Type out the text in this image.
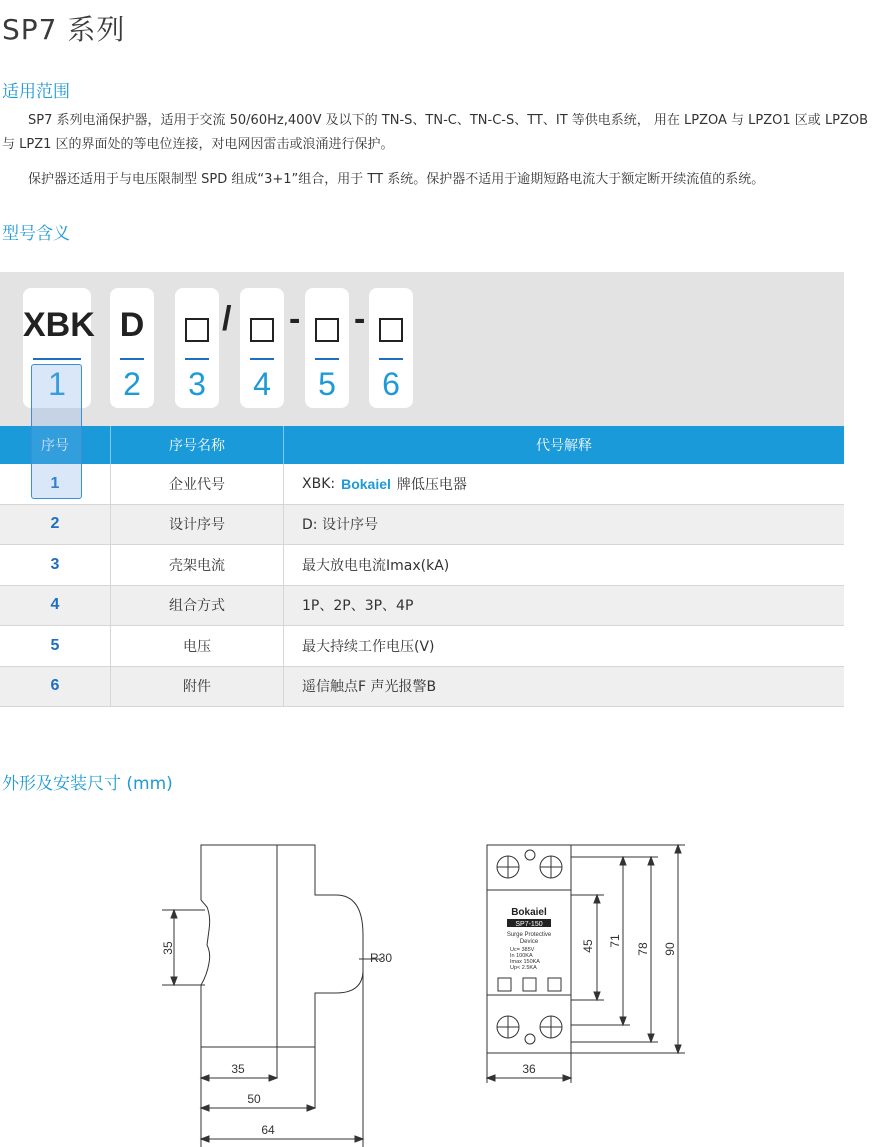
SP7 系列
适用范围
SP7 系列电涌保护器，适用于交流 50/60Hz,400V 及以下的 TN-S、TN-C、TN-C-S、TT、IT 等供电系统， 用在 LPZOA 与 LPZO1 区或 LPZOB
与 LPZ1 区的界面处的等电位连接，对电网因雷击或浪涌进行保护。
保护器还适用于与电压限制型 SPD 组成“3+1”组合，用于 TT 系统。保护器不适用于逾期短路电流大于额定断开续流值的系统。
型号含义
XBK
1
D
2	3
/
4
-
5
-
6
序号	序号名称	代号解释
1	企业代号	XBK: Bokaiel 牌低压电器
2	设计序号	D: 设计序号
3	壳架电流	最大放电电流Imax(kA)
4	组合方式	1P、2P、3P、4P
5	电压	最大持续工作电压(V)
6	附件	遥信触点F 声光报警B
外形及安装尺寸 (mm)
35
R30
35
50
64
Bokaiel
SP7-150
Surge Protective
Device
Uc= 385V
In 100KA
Imax 150KA
Up< 2.5KA
45 71
78 90
36
